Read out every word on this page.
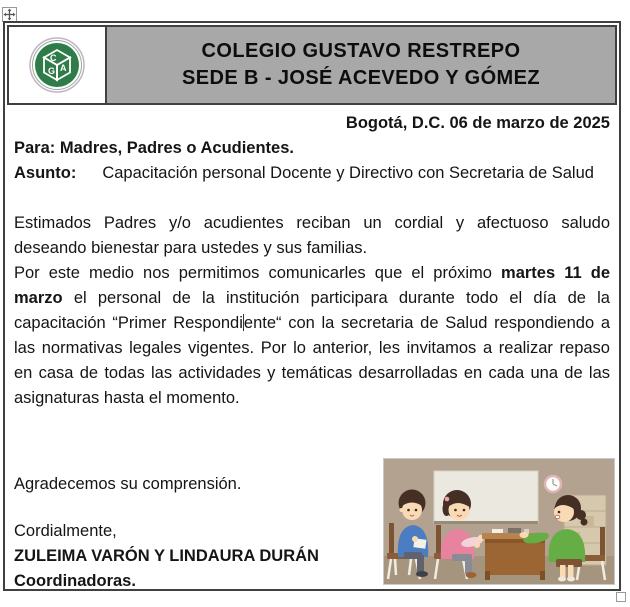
C
G A
COLEGIO GUSTAVO RESTREPO
SEDE B - JOSÉ ACEVEDO Y GÓMEZ
Bogotá, D.C. 06 de marzo de 2025
Para: Madres, Padres o Acudientes.
Asunto: Capacitación personal Docente y Directivo con Secretaria de Salud
Estimados Padres y/o acudientes reciban un cordial y afectuoso saludo deseando bienestar para ustedes y sus familias.
Por este medio nos permitimos comunicarles que el próximo martes 11 de marzo el personal de la institución participara durante todo el día de la capacitación “Primer Respondiente“ con la secretaria de Salud respondiendo a las normativas legales vigentes. Por lo anterior, les invitamos a realizar repaso en casa de todas las actividades y temáticas desarrolladas en cada una de las asignaturas hasta el momento.
Agradecemos su comprensión.
Cordialmente,
ZULEIMA VARÓN Y LINDAURA DURÁN
Coordinadoras.
